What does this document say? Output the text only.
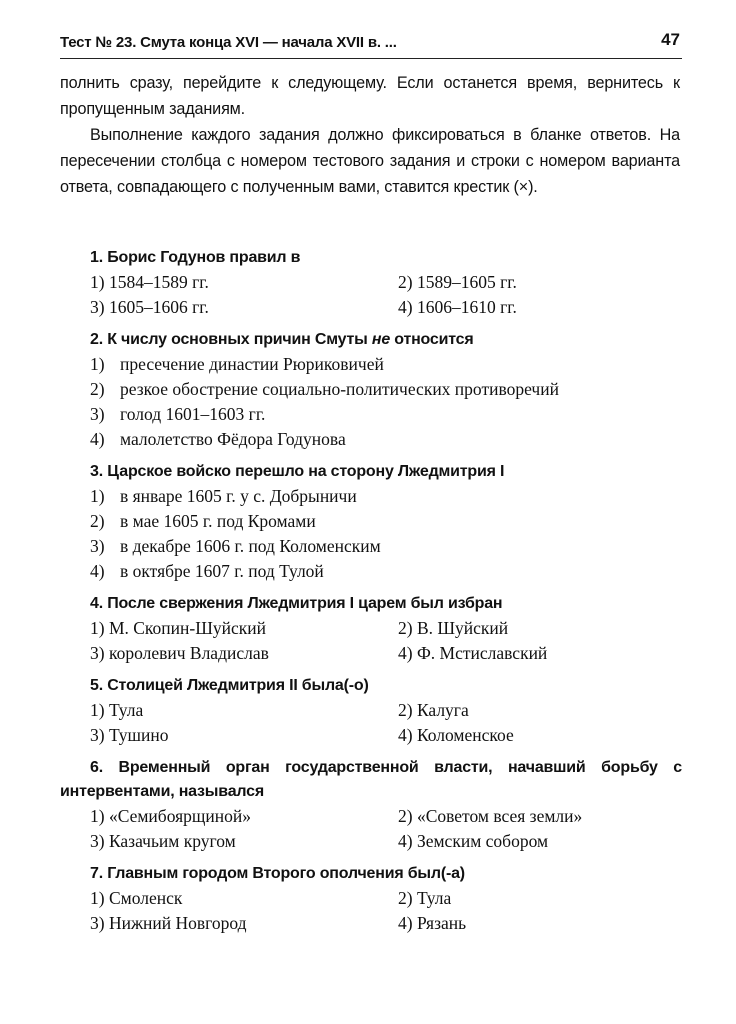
Тест № 23. Смута конца XVI — начала XVII в. ...	47

полнить сразу, перейдите к следующему. Если останется время, вернитесь к пропущенным заданиям.

Выполнение каждого задания должно фиксироваться в бланке ответов. На пересечении столбца с номером тестового задания и строки с номером варианта ответа, совпадающего с полученным вами, ставится крестик (×).

1. Борис Годунов правил в
1) 1584–1589 гг.	2) 1589–1605 гг.
3) 1605–1606 гг.	4) 1606–1610 гг.
2. К числу основных причин Смуты не относится
1) пресечение династии Рюриковичей
2) резкое обострение социально-политических противоречий
3) голод 1601–1603 гг.
4) малолетство Фёдора Годунова
3. Царское войско перешло на сторону Лжедмитрия I
1) в январе 1605 г. у с. Добрыничи
2) в мае 1605 г. под Кромами
3) в декабре 1606 г. под Коломенским
4) в октябре 1607 г. под Тулой
4. После свержения Лжедмитрия I царем был избран
1) М. Скопин-Шуйский	2) В. Шуйский
3) королевич Владислав	4) Ф. Мстиславский
5. Столицей Лжедмитрия II была(-о)
1) Тула	2) Калуга
3) Тушино	4) Коломенское
6. Временный орган государственной власти, начавший борьбу с интервентами, назывался
1) «Семибоярщиной»	2) «Советом всея земли»
3) Казачьим кругом	4) Земским собором
7. Главным городом Второго ополчения был(-а)
1) Смоленск	2) Тула
3) Нижний Новгород	4) Рязань
